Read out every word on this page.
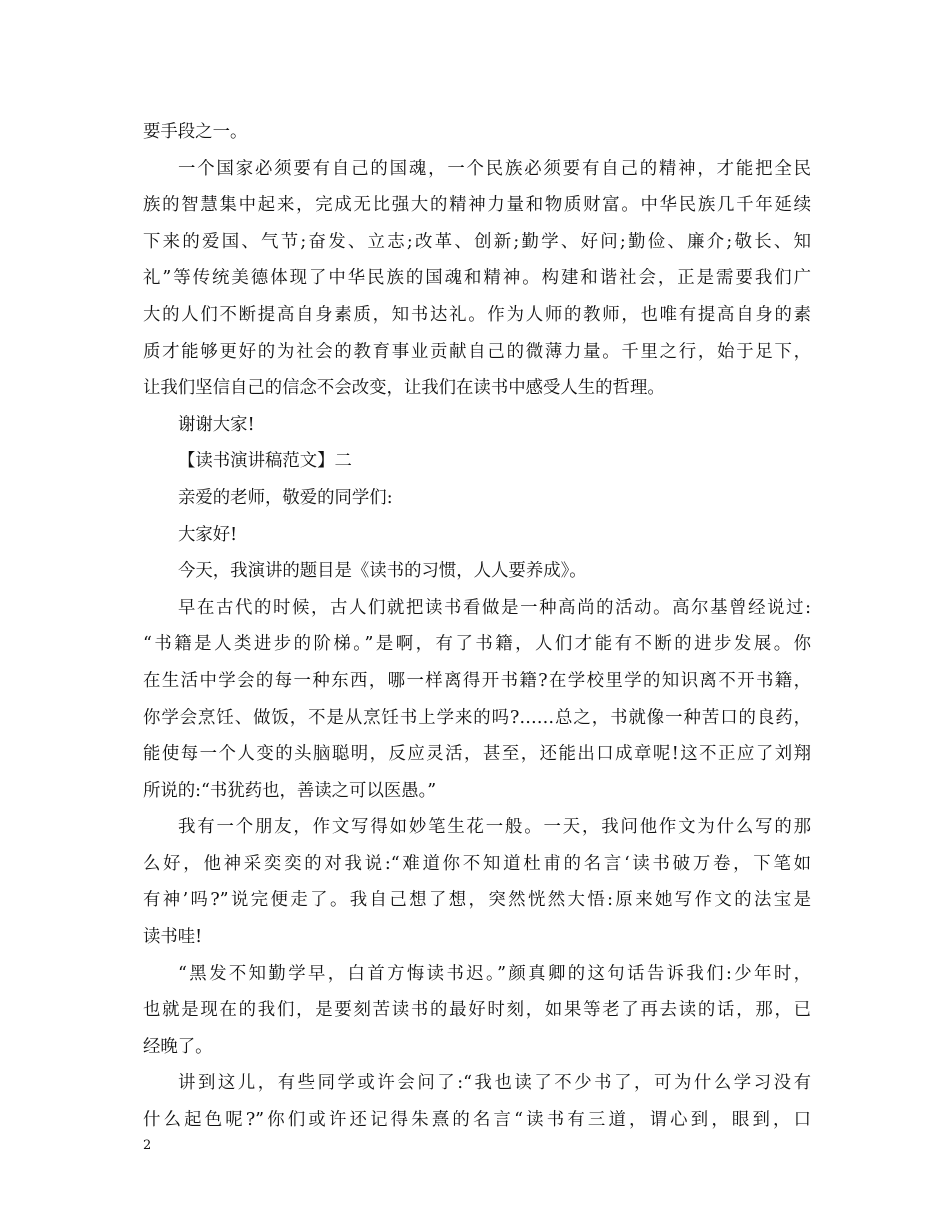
要手段之一。
一个国家必须要有自己的国魂，一个民族必须要有自己的精神，才能把全民
族的智慧集中起来，完成无比强大的精神力量和物质财富。中华民族几千年延续
下来的爱国、气节;奋发、立志;改革、创新;勤学、好问;勤俭、廉介;敬长、知
礼”等传统美德体现了中华民族的国魂和精神。构建和谐社会，正是需要我们广
大的人们不断提高自身素质，知书达礼。作为人师的教师，也唯有提高自身的素
质才能够更好的为社会的教育事业贡献自己的微薄力量。千里之行，始于足下，
让我们坚信自己的信念不会改变，让我们在读书中感受人生的哲理。
谢谢大家!
【读书演讲稿范文】二
亲爱的老师，敬爱的同学们:
大家好!
今天，我演讲的题目是《读书的习惯，人人要养成》。
早在古代的时候，古人们就把读书看做是一种高尚的活动。高尔基曾经说过:
“书籍是人类进步的阶梯。”是啊，有了书籍，人们才能有不断的进步发展。你
在生活中学会的每一种东西，哪一样离得开书籍?在学校里学的知识离不开书籍，
你学会烹饪、做饭，不是从烹饪书上学来的吗?……总之，书就像一种苦口的良药，
能使每一个人变的头脑聪明，反应灵活，甚至，还能出口成章呢!这不正应了刘翔
所说的:“书犹药也，善读之可以医愚。”
我有一个朋友，作文写得如妙笔生花一般。一天，我问他作文为什么写的那
么好，他神采奕奕的对我说:“难道你不知道杜甫的名言‘读书破万卷，下笔如
有神’吗?”说完便走了。我自己想了想，突然恍然大悟:原来她写作文的法宝是
读书哇!
“黑发不知勤学早，白首方悔读书迟。”颜真卿的这句话告诉我们:少年时，
也就是现在的我们，是要刻苦读书的最好时刻，如果等老了再去读的话，那，已
经晚了。
讲到这儿，有些同学或许会问了:“我也读了不少书了，可为什么学习没有
什么起色呢?”你们或许还记得朱熹的名言“读书有三道，谓心到，眼到，口
2
